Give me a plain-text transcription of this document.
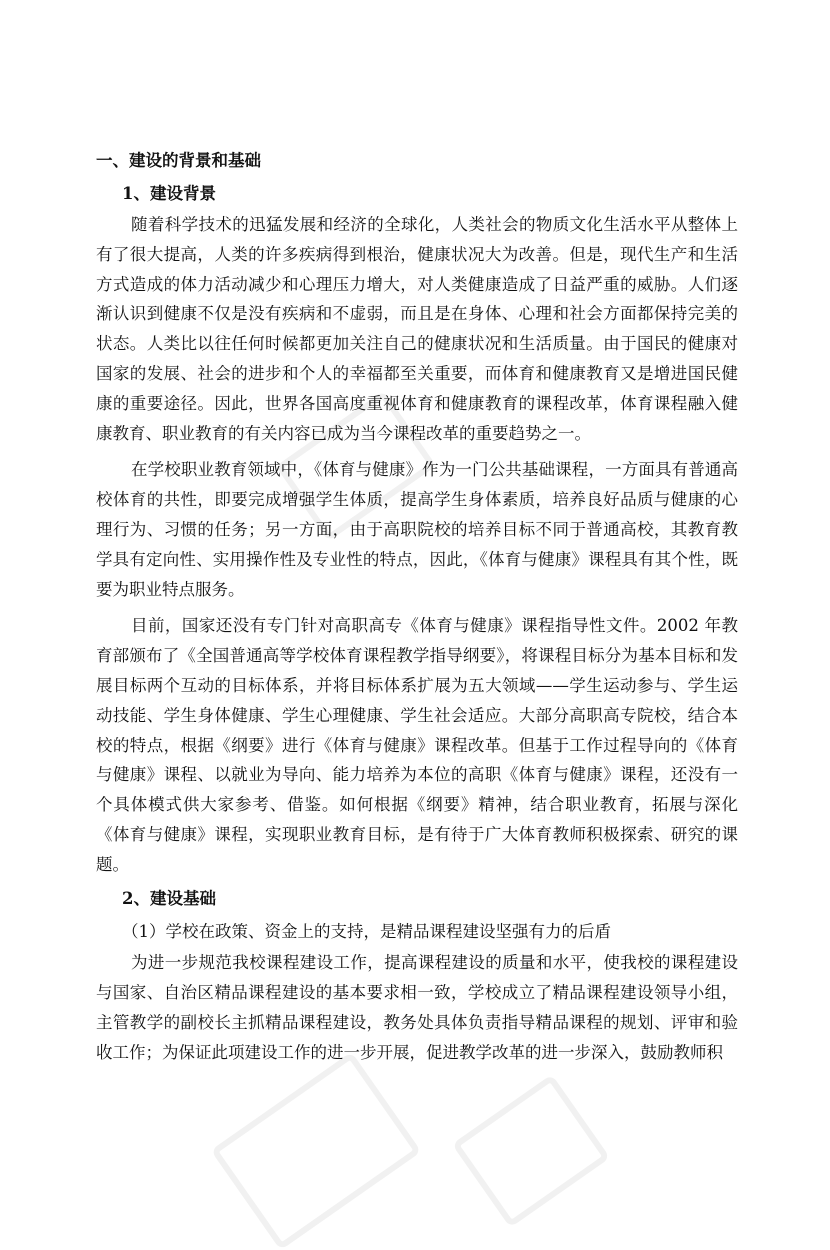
一、建设的背景和基础
1、建设背景

随着科学技术的迅猛发展和经济的全球化，人类社会的物质文化生活水平从整体上有了很大提高，人类的许多疾病得到根治，健康状况大为改善。但是，现代生产和生活方式造成的体力活动减少和心理压力增大，对人类健康造成了日益严重的威胁。人们逐渐认识到健康不仅是没有疾病和不虚弱，而且是在身体、心理和社会方面都保持完美的状态。人类比以往任何时候都更加关注自己的健康状况和生活质量。由于国民的健康对国家的发展、社会的进步和个人的幸福都至关重要，而体育和健康教育又是增进国民健康的重要途径。因此，世界各国高度重视体育和健康教育的课程改革，体育课程融入健康教育、职业教育的有关内容已成为当今课程改革的重要趋势之一。

在学校职业教育领域中，《体育与健康》作为一门公共基础课程，一方面具有普通高校体育的共性，即要完成增强学生体质，提高学生身体素质，培养良好品质与健康的心理行为、习惯的任务；另一方面，由于高职院校的培养目标不同于普通高校，其教育教学具有定向性、实用操作性及专业性的特点，因此，《体育与健康》课程具有其个性，既要为职业特点服务。

目前，国家还没有专门针对高职高专《体育与健康》课程指导性文件。2002 年教育部颁布了《全国普通高等学校体育课程教学指导纲要》，将课程目标分为基本目标和发展目标两个互动的目标体系，并将目标体系扩展为五大领域——学生运动参与、学生运动技能、学生身体健康、学生心理健康、学生社会适应。大部分高职高专院校，结合本校的特点，根据《纲要》进行《体育与健康》课程改革。但基于工作过程导向的《体育与健康》课程、以就业为导向、能力培养为本位的高职《体育与健康》课程，还没有一个具体模式供大家参考、借鉴。如何根据《纲要》精神，结合职业教育，拓展与深化《体育与健康》课程，实现职业教育目标，是有待于广大体育教师积极探索、研究的课题。

2、建设基础
（1）学校在政策、资金上的支持，是精品课程建设坚强有力的后盾

为进一步规范我校课程建设工作，提高课程建设的质量和水平，使我校的课程建设与国家、自治区精品课程建设的基本要求相一致，学校成立了精品课程建设领导小组，主管教学的副校长主抓精品课程建设，教务处具体负责指导精品课程的规划、评审和验收工作；为保证此项建设工作的进一步开展，促进教学改革的进一步深入，鼓励教师积
